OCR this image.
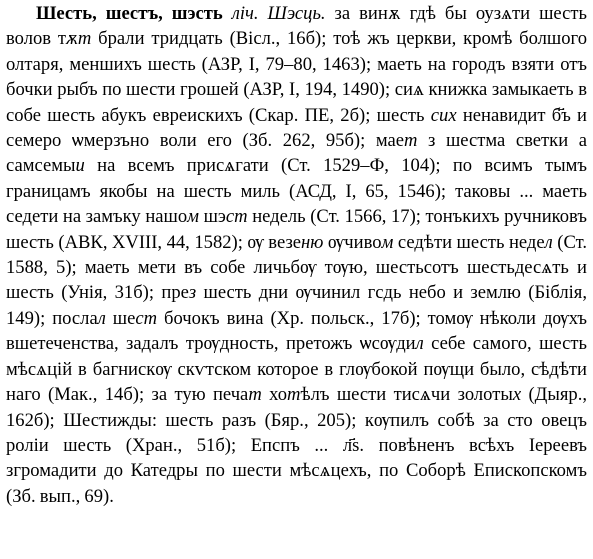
Шесть, шестъ, шэсть ліч. Шэсць. за винѫ гдѣ бы оузѧти шесть волов тѫт брали тридцать (Вісл., 16б); тоѣ жъ церкви, кромѣ болшого олтаря, меншихъ шесть (АЗР, I, 79–80, 1463); маеть на городъ взяти отъ бочки рыбъ по шести грошей (АЗР, I, 194, 1490); сиѧ книжка замыкаеть в собе шесть абукъ евреискихъ (Скар. ПЕ, 2б); шесть сих ненавидит б҃ъ и семеро ѡмерзъно воли его (Зб. 262, 95б); мает з шестма светки а самсемыи на всемъ присѧгати (Ст. 1529–Ф, 104); по всимъ тымъ границамъ якобы на шесть миль (АСД, I, 65, 1546); таковы ... маеть седети на замъку нашом шэст недель (Ст. 1566, 17); тонъкихъ ручниковъ шесть (АВК, XVIII, 44, 1582); ѹ везеню ѹчивом седѣти шесть недел (Ст. 1588, 5); маеть мети въ собе личьбѹ тѹю, шестьсотъ шестьдесѧть и шесть (Унія, 31б); през шесть дни ѹчинил гсдь небо и землю (Біблія, 149); послал шест бочокъ вина (Хр. польск., 17б); томѹ нѣколи дѹхъ вшетеченства, задалъ трѹдность, претожъ ѡсѹдил себе самого, шесть мѣсѧцій в багнискѹ скѵтском которое в глѹбокой пѹщи было, сѣдѣти наго (Мак., 14б); за тую печат хотѣлъ шести тисѧчи золотых (Дыяр., 162б); Шестижды: шесть разъ (Бяр., 205); кѹпилъ собѣ за сто овецъ роліи шесть (Хран., 51б); Епспъ ... л҃ѕ. повѣненъ всѣхъ Іереевъ згромадити до Катедры по шести мѣсѧцехъ, по Соборѣ Епископскомъ (Зб. вып., 69).
